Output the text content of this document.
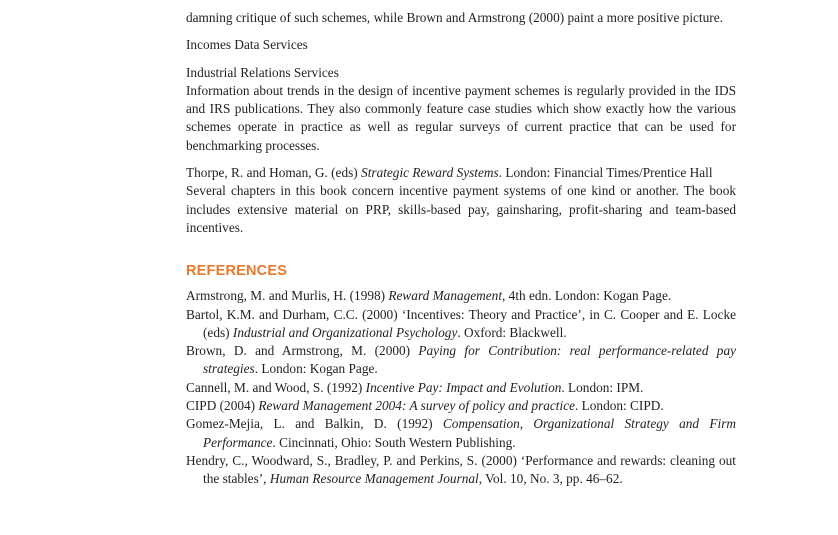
damning critique of such schemes, while Brown and Armstrong (2000) paint a more positive picture.

Incomes Data Services

Industrial Relations Services

Information about trends in the design of incentive payment schemes is regularly provided in the IDS and IRS publications. They also commonly feature case studies which show exactly how the various schemes operate in practice as well as regular surveys of current practice that can be used for benchmarking processes.

Thorpe, R. and Homan, G. (eds) Strategic Reward Systems. London: Financial Times/Prentice Hall

Several chapters in this book concern incentive payment systems of one kind or another. The book includes extensive material on PRP, skills-based pay, gainsharing, profit-sharing and team-based incentives.

REFERENCES

Armstrong, M. and Murlis, H. (1998) Reward Management, 4th edn. London: Kogan Page.

Bartol, K.M. and Durham, C.C. (2000) ‘Incentives: Theory and Practice’, in C. Cooper and E. Locke (eds) Industrial and Organizational Psychology. Oxford: Blackwell.

Brown, D. and Armstrong, M. (2000) Paying for Contribution: real performance-related pay strategies. London: Kogan Page.

Cannell, M. and Wood, S. (1992) Incentive Pay: Impact and Evolution. London: IPM.

CIPD (2004) Reward Management 2004: A survey of policy and practice. London: CIPD.

Gomez-Mejia, L. and Balkin, D. (1992) Compensation, Organizational Strategy and Firm Performance. Cincinnati, Ohio: South Western Publishing.

Hendry, C., Woodward, S., Bradley, P. and Perkins, S. (2000) ‘Performance and rewards: cleaning out the stables’, Human Resource Management Journal, Vol. 10, No. 3, pp. 46–62.
